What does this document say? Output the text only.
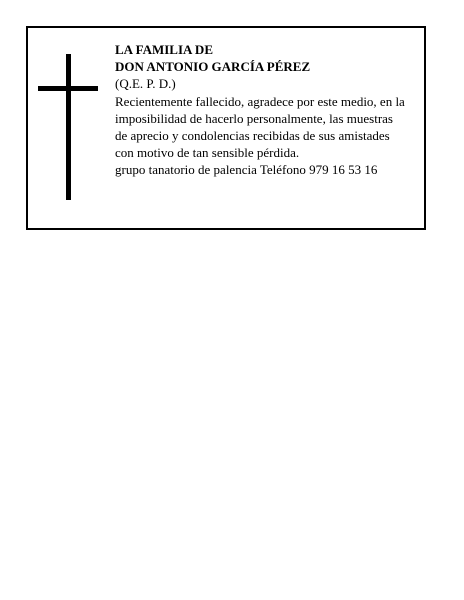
LA FAMILIA DE
DON ANTONIO GARCÍA PÉREZ
(Q.E. P. D.)
Recientemente fallecido, agradece por este medio, en la
imposibilidad de hacerlo personalmente, las muestras
de aprecio y condolencias recibidas de sus amistades
con motivo de tan sensible pérdida.
grupo tanatorio de palencia Teléfono 979 16 53 16
